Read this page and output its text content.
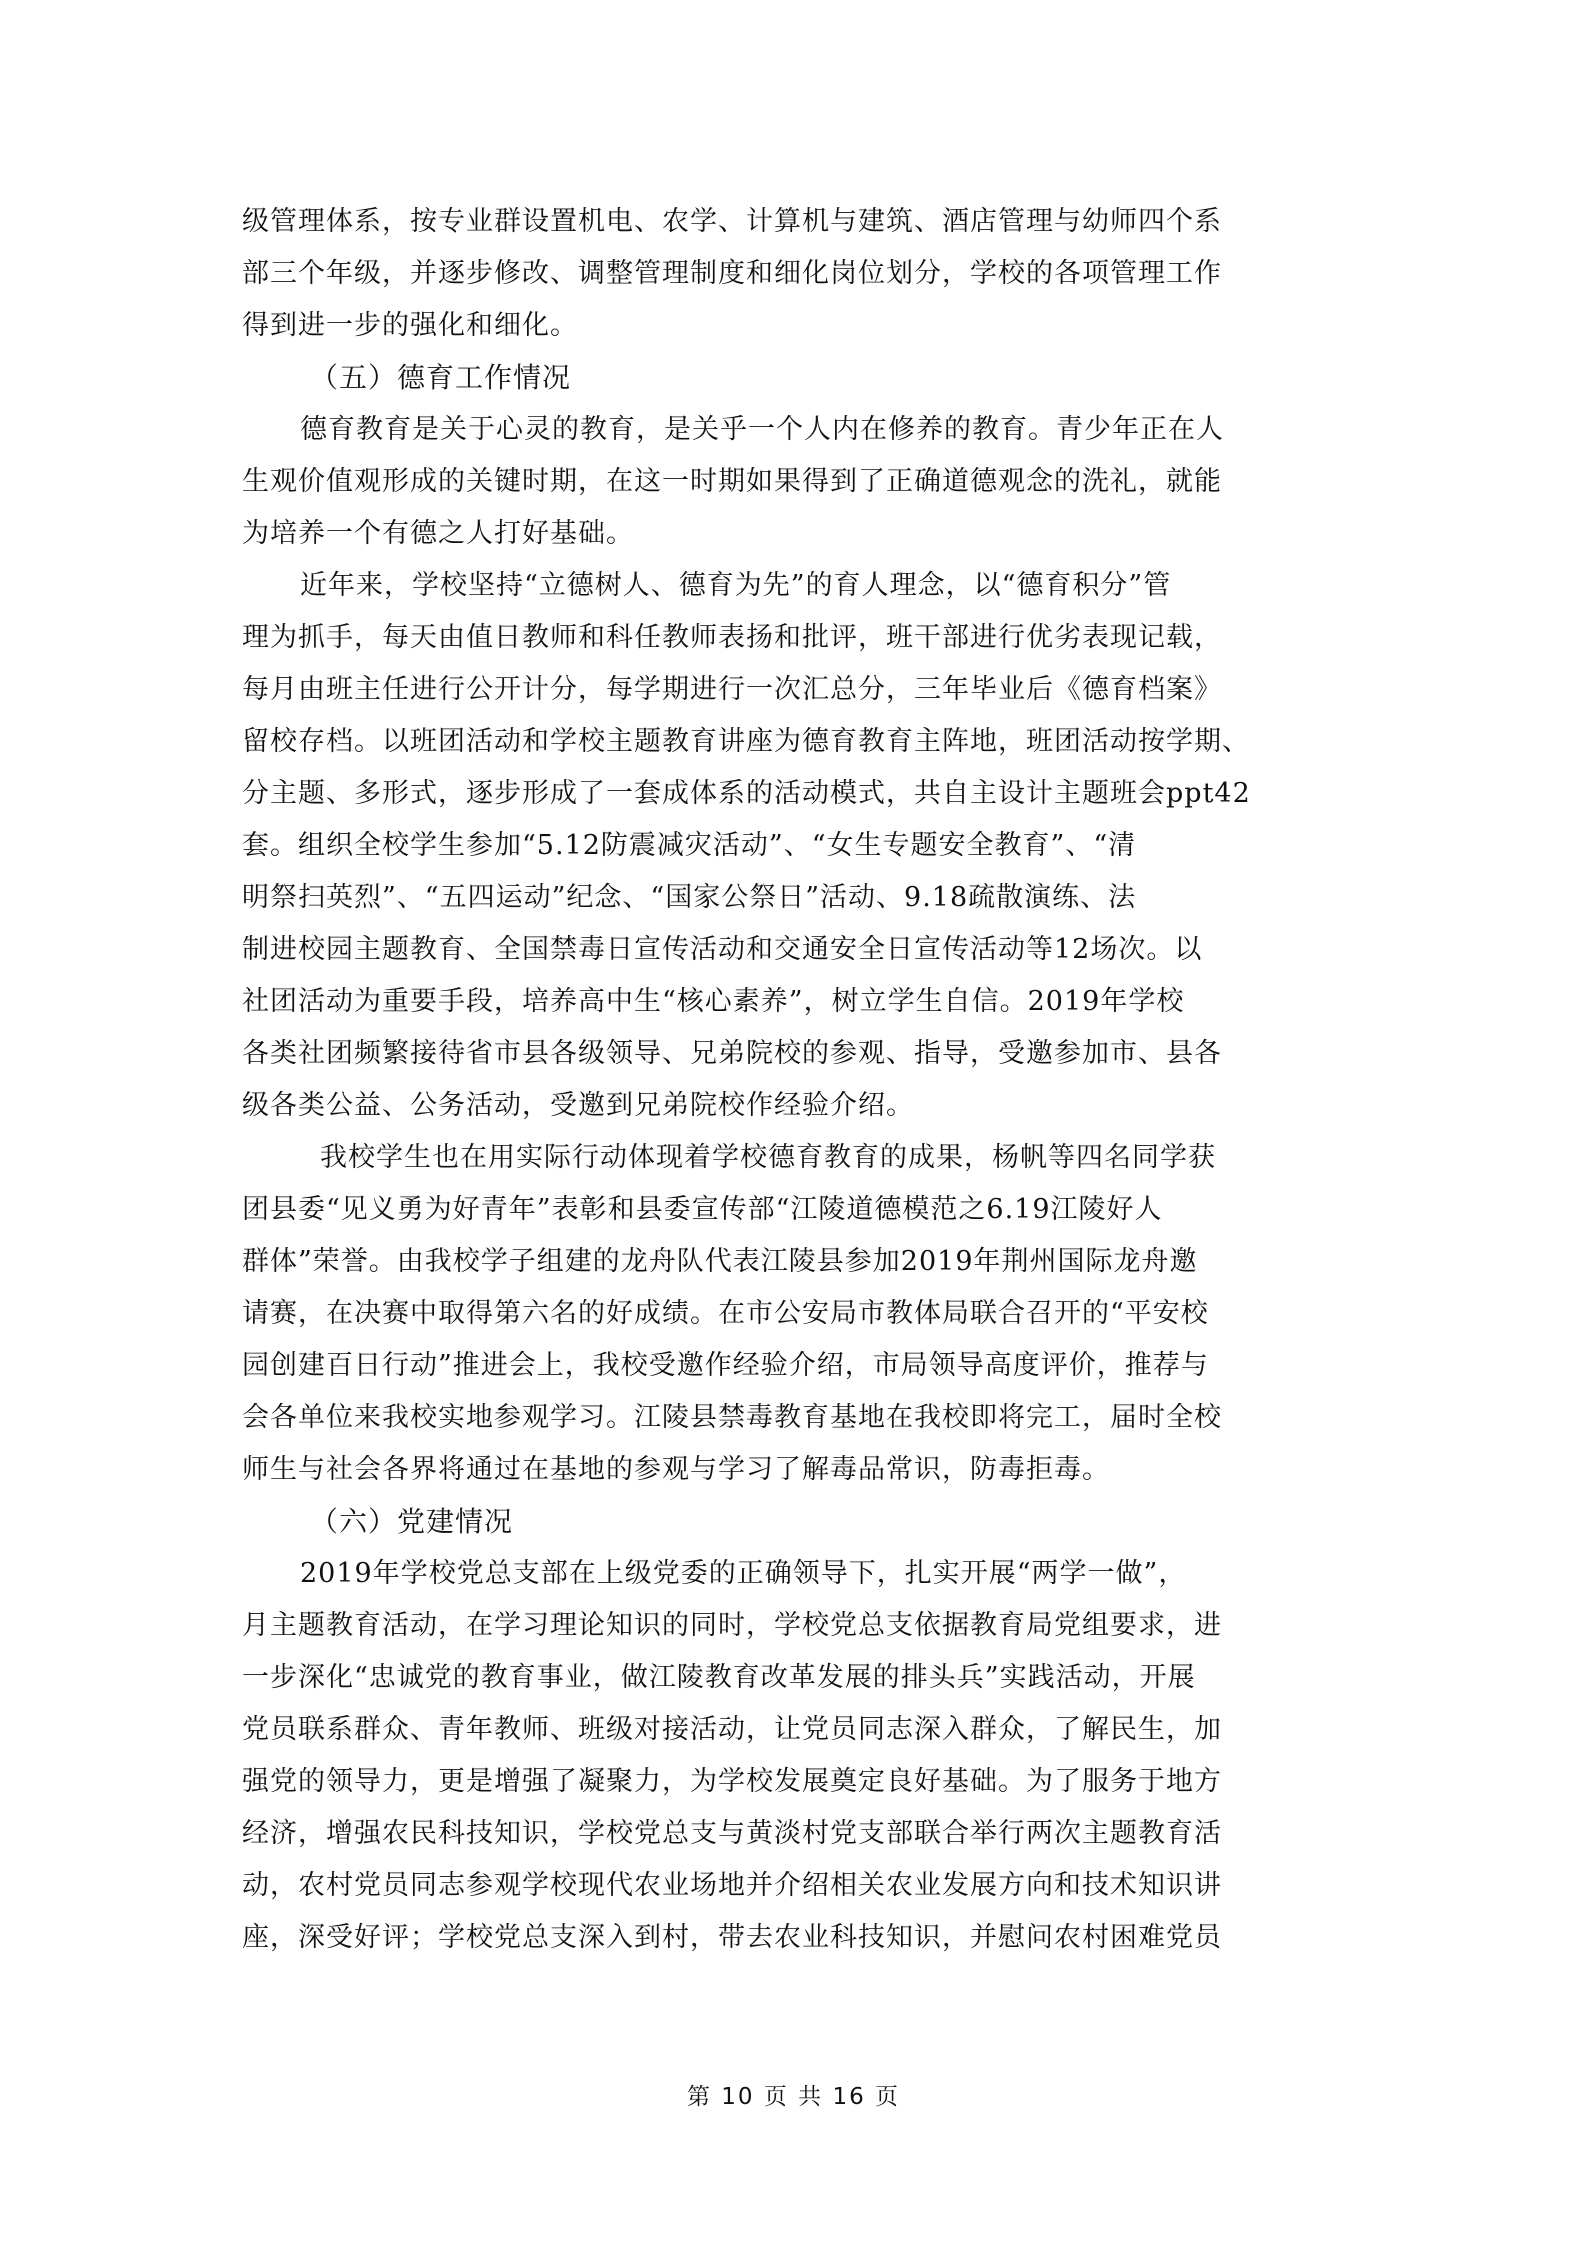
级管理体系，按专业群设置机电、农学、计算机与建筑、酒店管理与幼师四个系
部三个年级，并逐步修改、调整管理制度和细化岗位划分，学校的各项管理工作
得到进一步的强化和细化。
（五）德育工作情况
德育教育是关于心灵的教育，是关乎一个人内在修养的教育。青少年正在人
生观价值观形成的关键时期，在这一时期如果得到了正确道德观念的洗礼，就能
为培养一个有德之人打好基础。
近年来，学校坚持“立德树人、德育为先”的育人理念，以“德育积分”管
理为抓手，每天由值日教师和科任教师表扬和批评，班干部进行优劣表现记载，
每月由班主任进行公开计分，每学期进行一次汇总分，三年毕业后《德育档案》
留校存档。以班团活动和学校主题教育讲座为德育教育主阵地，班团活动按学期、
分主题、多形式，逐步形成了一套成体系的活动模式，共自主设计主题班会ppt42
套。组织全校学生参加“5.12防震减灾活动”、“女生专题安全教育”、“清
明祭扫英烈”、“五四运动”纪念、“国家公祭日”活动、9.18疏散演练、法
制进校园主题教育、全国禁毒日宣传活动和交通安全日宣传活动等12场次。以
社团活动为重要手段，培养高中生“核心素养”，树立学生自信。2019年学校
各类社团频繁接待省市县各级领导、兄弟院校的参观、指导，受邀参加市、县各
级各类公益、公务活动，受邀到兄弟院校作经验介绍。
我校学生也在用实际行动体现着学校德育教育的成果，杨帆等四名同学获
团县委“见义勇为好青年”表彰和县委宣传部“江陵道德模范之6.19江陵好人
群体”荣誉。由我校学子组建的龙舟队代表江陵县参加2019年荆州国际龙舟邀
请赛，在决赛中取得第六名的好成绩。在市公安局市教体局联合召开的“平安校
园创建百日行动”推进会上，我校受邀作经验介绍，市局领导高度评价，推荐与
会各单位来我校实地参观学习。江陵县禁毒教育基地在我校即将完工，届时全校
师生与社会各界将通过在基地的参观与学习了解毒品常识，防毒拒毒。
（六）党建情况
2019年学校党总支部在上级党委的正确领导下，扎实开展“两学一做”，
月主题教育活动，在学习理论知识的同时，学校党总支依据教育局党组要求，进
一步深化“忠诚党的教育事业，做江陵教育改革发展的排头兵”实践活动，开展
党员联系群众、青年教师、班级对接活动，让党员同志深入群众，了解民生，加
强党的领导力，更是增强了凝聚力，为学校发展奠定良好基础。为了服务于地方
经济，增强农民科技知识，学校党总支与黄淡村党支部联合举行两次主题教育活
动，农村党员同志参观学校现代农业场地并介绍相关农业发展方向和技术知识讲
座，深受好评；学校党总支深入到村，带去农业科技知识，并慰问农村困难党员
第 10 页 共 16 页
